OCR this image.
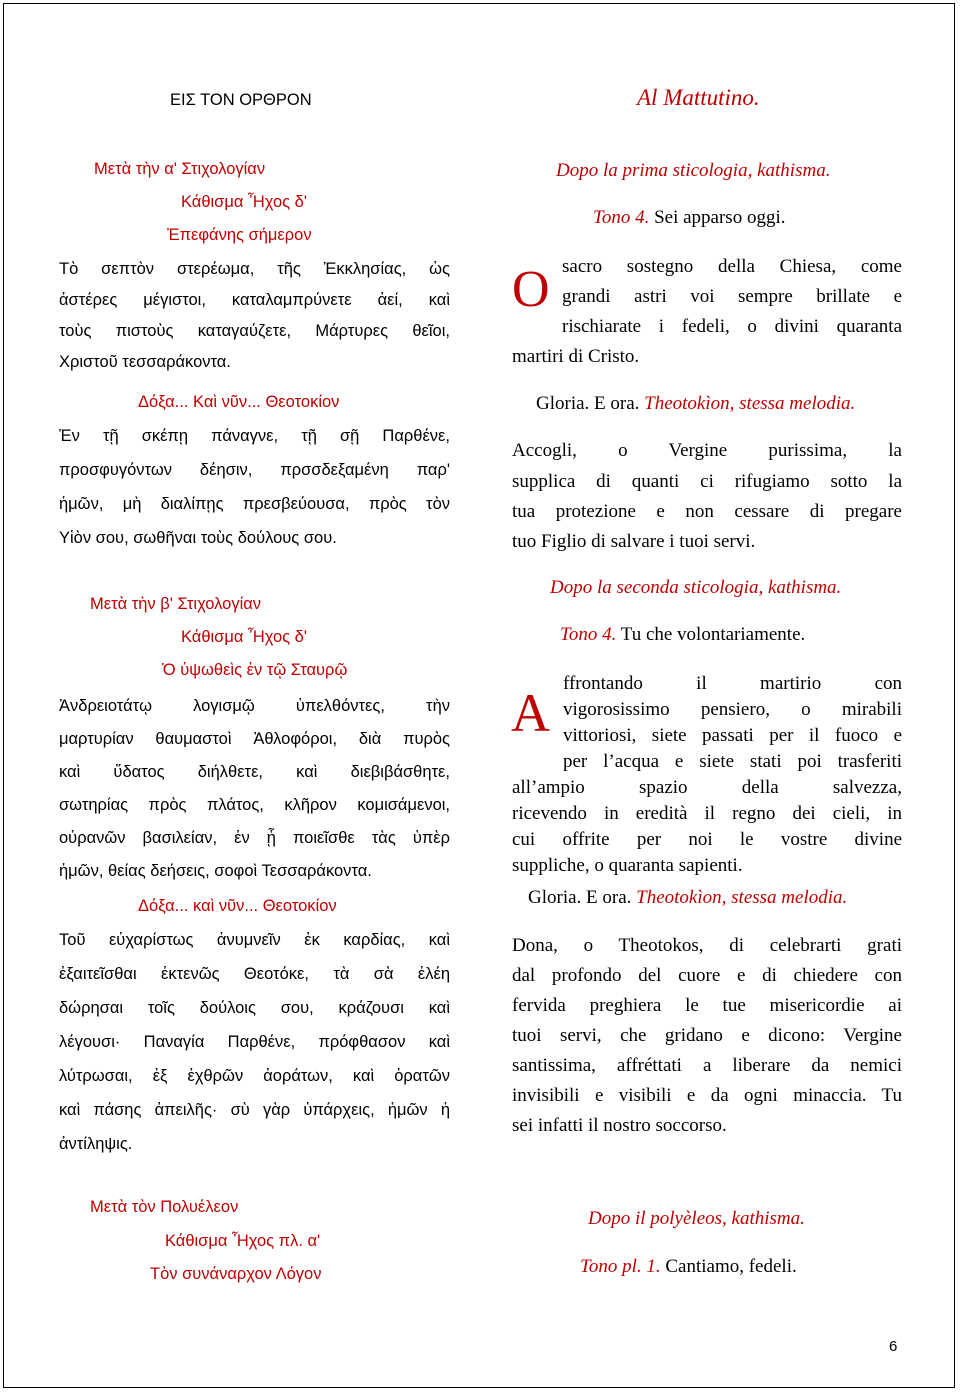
ΕΙΣ ΤΟΝ ΟΡΘΡΟΝ
Μετὰ τὴν α' Στιχολογίαν
Κάθισμα Ἦχος δ'
Ἐπεφάνης σήμερον
Τὸ σεπτὸν στερέωμα, τῆς Ἐκκλησίας, ὡς
ἀστέρες μέγιστοι, καταλαμπρύνετε ἀεί, καὶ
τοὺς πιστοὺς καταγαύζετε, Μάρτυρες θεῖοι,
Χριστοῦ τεσσαράκοντα.
Δόξα... Καὶ νῦν... Θεοτοκίον
Ἐν τῇ σκέπῃ πάναγνε, τῇ σῇ Παρθένε,
προσφυγόντων δέησιν, πρσσδεξαμένη παρ'
ἡμῶν, μὴ διαλίπῃς πρεσβεύουσα, πρὸς τὸν
Υἱὸν σου, σωθῆναι τοὺς δούλους σου.
Μετὰ τὴν β' Στιχολογίαν
Κάθισμα Ἦχος δ'
Ὁ ὑψωθεὶς ἐν τῷ Σταυρῷ
Ἀνδρειοτάτῳ λογισμῷ ὑπελθόντες, τὴν
μαρτυρίαν θαυμαστοὶ Ἀθλοφόροι, διὰ πυρὸς
καὶ ὕδατος διήλθετε, καὶ διεβιβάσθητε,
σωτηρίας πρὸς πλάτος, κλῆρον κομισάμενοι,
οὐρανῶν βασιλείαν, ἐν ᾗ ποιεῖσθε τὰς ὑπὲρ
ἡμῶν, θείας δεήσεις, σοφοὶ Τεσσαράκοντα.
Δόξα... καὶ νῦν... Θεοτοκίον
Τοῦ εὐχαρίστως ἀνυμνεῖν ἐκ καρδίας, καὶ
ἐξαιτεῖσθαι ἐκτενῶς Θεοτόκε, τὰ σὰ ἐλέη
δώρησαι τοῖς δούλοις σου, κράζουσι καὶ
λέγουσι· Παναγία Παρθένε, πρόφθασον καὶ
λύτρωσαι, ἐξ ἐχθρῶν ἀοράτων, καὶ ὁρατῶν
καὶ πάσης ἀπειλῆς· σὺ γὰρ ὑπάρχεις, ἡμῶν ἡ
ἀντίληψις.
Μετὰ τὸν Πολυέλεον
Κάθισμα Ἦχος πλ. α'
Τὸν συνάναρχον Λόγον
Al Mattutino.
Dopo la prima sticologia, kathisma.
Tono 4. Sei apparso oggi.
O sacro sostegno della Chiesa, come
grandi astri voi sempre brillate e
rischiarate i fedeli, o divini quaranta
martiri di Cristo.
Gloria. E ora. Theotokìon, stessa melodia.
Accogli, o Vergine purissima, la
supplica di quanti ci rifugiamo sotto la
tua protezione e non cessare di pregare
tuo Figlio di salvare i tuoi servi.
Dopo la seconda sticologia, kathisma.
Tono 4. Tu che volontariamente.
A ffrontando il martirio con
vigorosissimo pensiero, o mirabili
vittoriosi, siete passati per il fuoco e
per l’acqua e siete stati poi trasferiti
all’ampio spazio della salvezza,
ricevendo in eredità il regno dei cieli, in
cui offrite per noi le vostre divine
suppliche, o quaranta sapienti.
Gloria. E ora. Theotokìon, stessa melodia.
Dona, o Theotokos, di celebrarti grati
dal profondo del cuore e di chiedere con
fervida preghiera le tue misericordie ai
tuoi servi, che gridano e dicono: Vergine
santissima, affréttati a liberare da nemici
invisibili e visibili e da ogni minaccia. Tu
sei infatti il nostro soccorso.
Dopo il polyèleos, kathisma.
Tono pl. 1. Cantiamo, fedeli.
6
